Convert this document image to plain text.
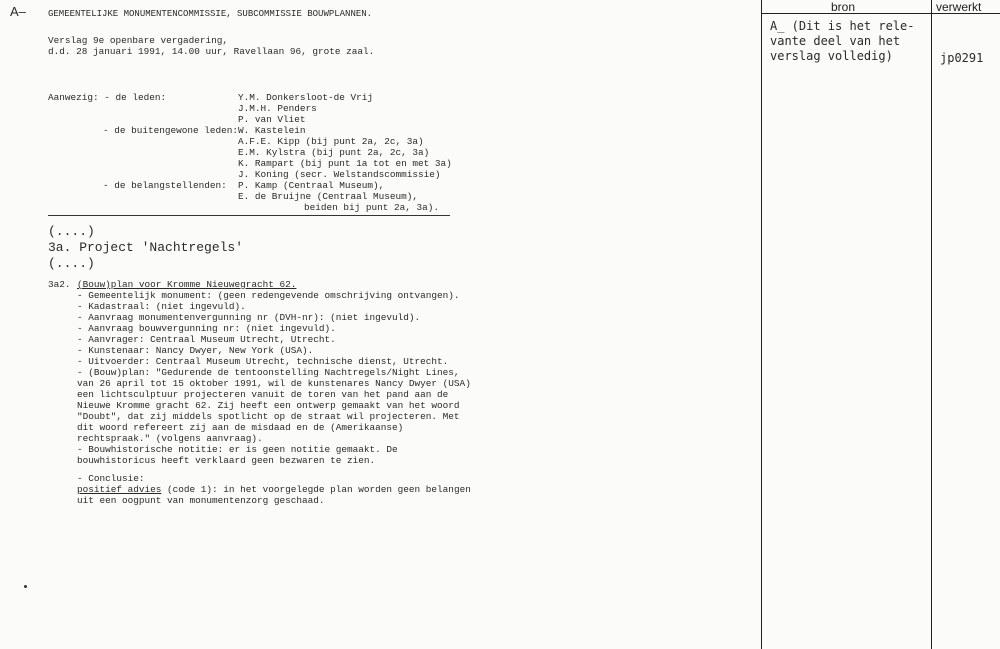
A– GEMEENTELIJKE MONUMENTENCOMMISSIE, SUBCOMMISSIE BOUWPLANNEN.
Verslag 9e openbare vergadering,
d.d. 28 januari 1991, 14.00 uur, Ravellaan 96, grote zaal.
Aanwezig: - de leden:	Y.M. Donkersloot-de Vrij
J.M.H. Penders
P. van Vliet
- de buitengewone leden: W. Kastelein
A.F.E. Kipp (bij punt 2a, 2c, 3a)
E.M. Kylstra (bij punt 2a, 2c, 3a)
K. Rampart (bij punt 1a tot en met 3a)
J. Koning (secr. Welstandscommissie)
- de belangstellenden: P. Kamp (Centraal Museum),
E. de Bruijne (Centraal Museum),
beiden bij punt 2a, 3a).
(....)
3a. Project 'Nachtregels'
(....)
3a2. (Bouw)plan voor Kromme Nieuwegracht 62.
- Gemeentelijk monument: (geen redengevende omschrijving ontvangen).
- Kadastraal: (niet ingevuld).
- Aanvraag monumentenvergunning nr (DVH-nr): (niet ingevuld).
- Aanvraag bouwvergunning nr: (niet ingevuld).
- Aanvrager: Centraal Museum Utrecht, Utrecht.
- Kunstenaar: Nancy Dwyer, New York (USA).
- Uitvoerder: Centraal Museum Utrecht, technische dienst, Utrecht.
- (Bouw)plan: "Gedurende de tentoonstelling Nachtregels/Night Lines,
van 26 april tot 15 oktober 1991, wil de kunstenares Nancy Dwyer (USA)
een lichtsculptuur projecteren vanuit de toren van het pand aan de
Nieuwe Kromme gracht 62. Zij heeft een ontwerp gemaakt van het woord
"Doubt", dat zij middels spotlicht op de straat wil projecteren. Met
dit woord refereert zij aan de misdaad en de (Amerikaanse)
rechtspraak." (volgens aanvraag).
- Bouwhistorische notitie: er is geen notitie gemaakt. De
bouwhistoricus heeft verklaard geen bezwaren te zien.
- Conclusie:
positief advies (code 1): in het voorgelegde plan worden geen belangen
uit een oogpunt van monumentenzorg geschaad.
bron	verwerkt
A_ (Dit is het rele-
vante deel van het
verslag volledig)	jp0291
